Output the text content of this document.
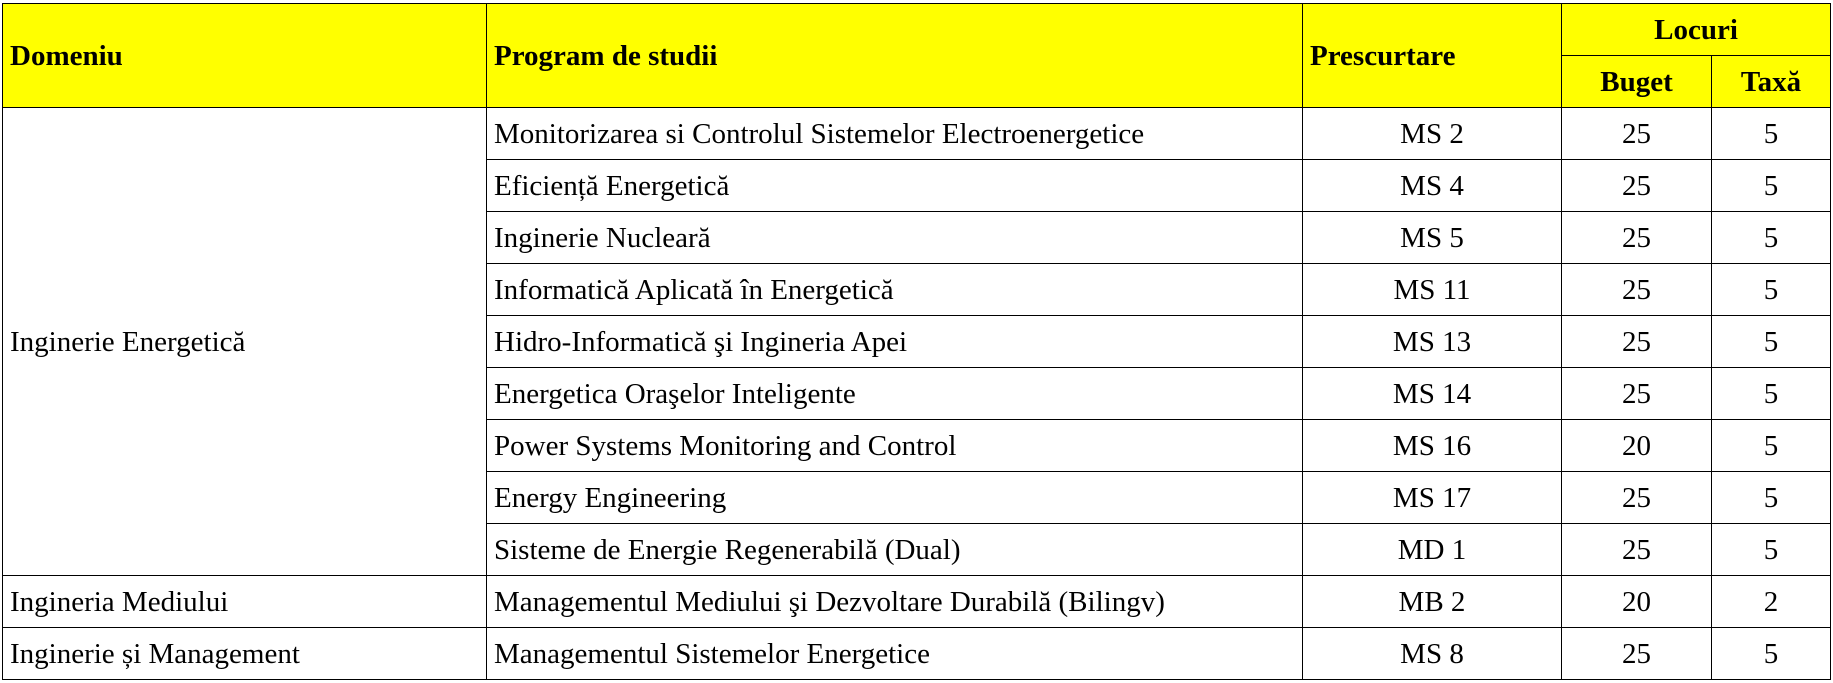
Domeniu	Program de studii	Prescurtare	Locuri	
			Buget	Taxă
Inginerie Energetică	Monitorizarea si Controlul Sistemelor Electroenergetice	MS 2	25	5
	Eficiență Energetică	MS 4	25	5
	Inginerie Nucleară	MS 5	25	5
	Informatică Aplicată în Energetică	MS 11	25	5
	Hidro-Informatică şi Ingineria Apei	MS 13	25	5
	Energetica Oraşelor Inteligente	MS 14	25	5
	Power Systems Monitoring and Control	MS 16	20	5
	Energy Engineering	MS 17	25	5
	Sisteme de Energie Regenerabilă (Dual)	MD 1	25	5
Ingineria Mediului	Managementul Mediului şi Dezvoltare Durabilă (Bilingv)	MB 2	20	2
Inginerie și Management	Managementul Sistemelor Energetice	MS 8	25	5
